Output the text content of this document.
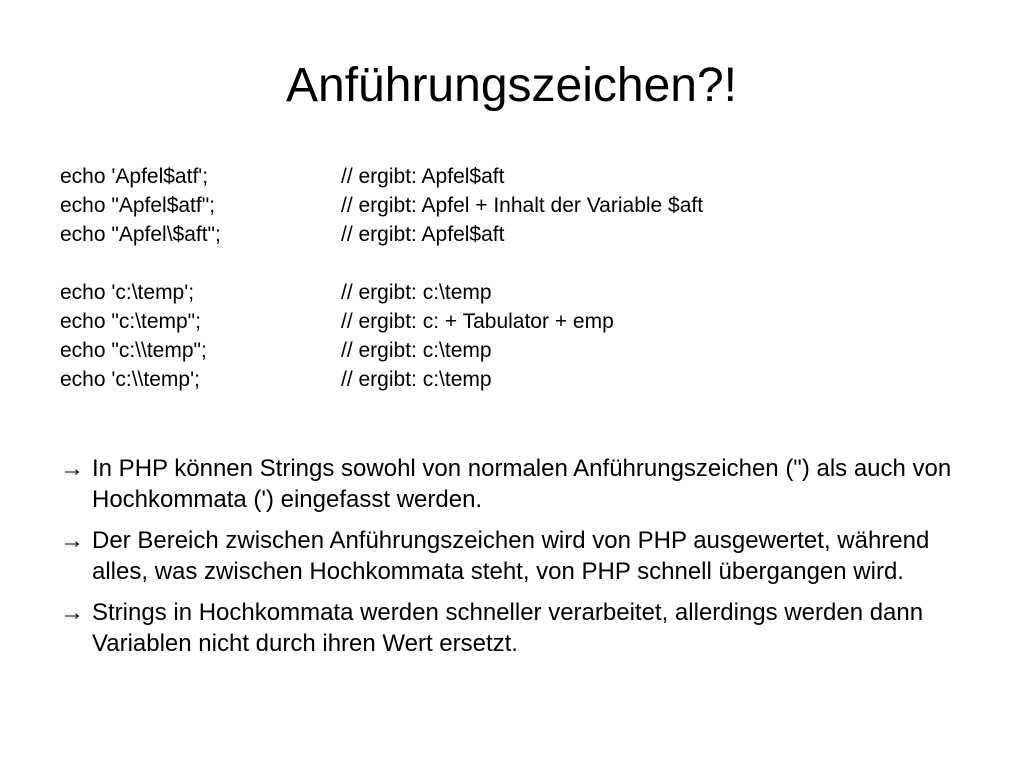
Anführungszeichen?!
echo 'Apfel$atf';	// ergibt: Apfel$aft
echo "Apfel$atf";	// ergibt: Apfel + Inhalt der Variable $aft
echo "Apfel\$aft";	// ergibt: Apfel$aft
echo 'c:\temp';	// ergibt: c:\temp
echo "c:\temp";	// ergibt: c: + Tabulator + emp
echo "c:\\temp";	// ergibt: c:\temp
echo 'c:\\temp';	// ergibt: c:\temp
→ In PHP können Strings sowohl von normalen Anführungszeichen (") als auch von Hochkommata (') eingefasst werden.
→ Der Bereich zwischen Anführungszeichen wird von PHP ausgewertet, während alles, was zwischen Hochkommata steht, von PHP schnell übergangen wird.
→ Strings in Hochkommata werden schneller verarbeitet, allerdings werden dann Variablen nicht durch ihren Wert ersetzt.
